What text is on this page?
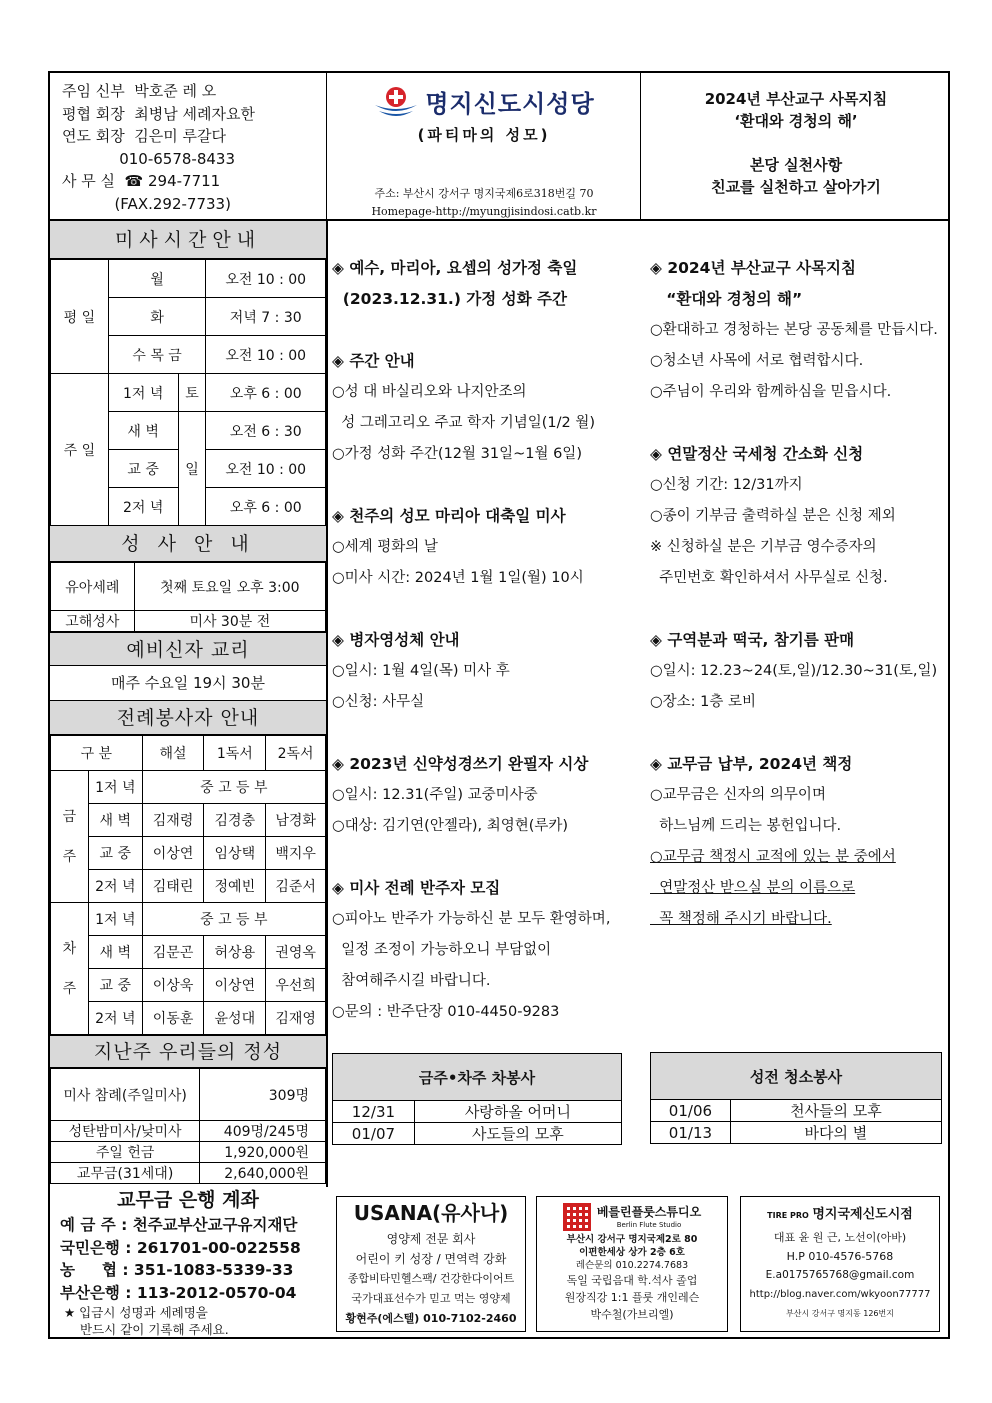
주임 신부  박호준 레 오
평협 회장  최병남 세례자요한
연도 회장  김은미 루갈다
010-6578-8433
사 무 실  ☎ 294-7711
(FAX.292-7733)
명지신도시성당
(파티마의 성모)
주소: 부산시 강서구 명지국제6로318번길 70
Homepage-http://myungjisindosi.catb.kr
2024년 부산교구 사목지침
‘환대와 경청의 해’
본당 실천사항
친교를 실천하고 살아가기
미사시간안내
평 일	월		오전 10 : 00
	화		저녁 7 : 30
	수 목 금		오전 10 : 00
주 일	1저 녁	토	오후 6 : 00
	새 벽	일	오전 6 : 30
	교 중		오전 10 : 00
	2저 녁		오후 6 : 00
성 사 안 내
유아세례	첫째 토요일 오후 3:00
고해성사	미사 30분 전
예비신자 교리
매주 수요일 19시 30분
전례봉사자 안내
구 분		해설	1독서	2독서

금
주	1저 녁	중 고 등 부		
	새 벽	김재령	김경충	남경화
	교 중	이상연	임상택	백지우
	2저 녁	김태린	정예빈	김준서

차
주	1저 녁	중 고 등 부		
	새 벽	김문곤	허상용	권영옥
	교 중	이상욱	이상연	우선희
	2저 녁	이동훈	윤성대	김재영
지난주 우리들의 정성
미사 참례(주일미사)	309명
성탄밤미사/낮미사	409명/245명
주일 헌금	1,920,000원
교무금(31세대)	2,640,000원
교무금 은행 계좌
예 금 주 : 천주교부산교구유지재단
국민은행 : 261701-00-022558
농     협 : 351-1083-5339-33
부산은행 : 113-2012-0570-04
★ 입금시 성명과 세례명을
반드시 같이 기록해 주세요.
◈ 예수, 마리아, 요셉의 성가정 축일
(2023.12.31.) 가정 성화 주간

◈ 주간 안내
○성 대 바실리오와 나지안조의
성 그레고리오 주교 학자 기념일(1/2 월)
○가정 성화 주간(12월 31일~1월 6일)

◈ 천주의 성모 마리아 대축일 미사
○세계 평화의 날
○미사 시간: 2024년 1월 1일(월) 10시

◈ 병자영성체 안내
○일시: 1월 4일(목) 미사 후
○신청: 사무실

◈ 2023년 신약성경쓰기 완필자 시상
○일시: 12.31(주일) 교중미사중
○대상: 김기연(안젤라), 최영현(루카)

◈ 미사 전례 반주자 모집
○피아노 반주가 가능하신 분 모두 환영하며,
일정 조정이 가능하오니 부담없이
참여해주시길 바랍니다.
○문의 : 반주단장 010-4450-9283
◈ 2024년 부산교구 사목지침
“환대와 경청의 해”
○환대하고 경청하는 본당 공동체를 만듭시다.
○청소년 사목에 서로 협력합시다.
○주님이 우리와 함께하심을 믿읍시다.

◈ 연말정산 국세청 간소화 신청
○신청 기간: 12/31까지
○종이 기부금 출력하실 분은 신청 제외
※ 신청하실 분은 기부금 영수증자의
주민번호 확인하셔서 사무실로 신청.

◈ 구역분과 떡국, 참기름 판매
○일시: 12.23~24(토,일)/12.30~31(토,일)
○장소: 1층 로비

◈ 교무금 납부, 2024년 책정
○교무금은 신자의 의무이며
하느님께 드리는 봉헌입니다.
○교무금 책정시 교적에 있는 분 중에서
연말정산 받으실 분의 이름으로
꼭 책정해 주시기 바랍니다.
금주•차주 차봉사	
12/31	사랑하올 어머니
01/07	사도들의 모후
성전 청소봉사	
01/06	천사들의 모후
01/13	바다의 별
USANA(유사나)
영양제 전문 회사
어린이 키 성장 / 면역력 강화
종합비타민헬스팩/ 건강한다이어트
국가대표선수가 믿고 먹는 영양제
황현주(에스텔) 010-7102-2460
베를린플룻스튜디오
Berlin Flute Studio
부산시 강서구 명지국제2로 80
이편한세상 상가 2층 6호
레슨문의 010.2274.7683
독일 국립음대 학.석사 졸업
원장직강 1:1 플룻 개인레슨
박수철(가브리엘)
TIRE PRO 명지국제신도시점
대표 윤 원 근, 노선이(아바)
H.P 010-4576-5768
E.a0175765768@gmail.com
http://blog.naver.com/wkyoon77777
부산시 강서구 명지동 126번지
